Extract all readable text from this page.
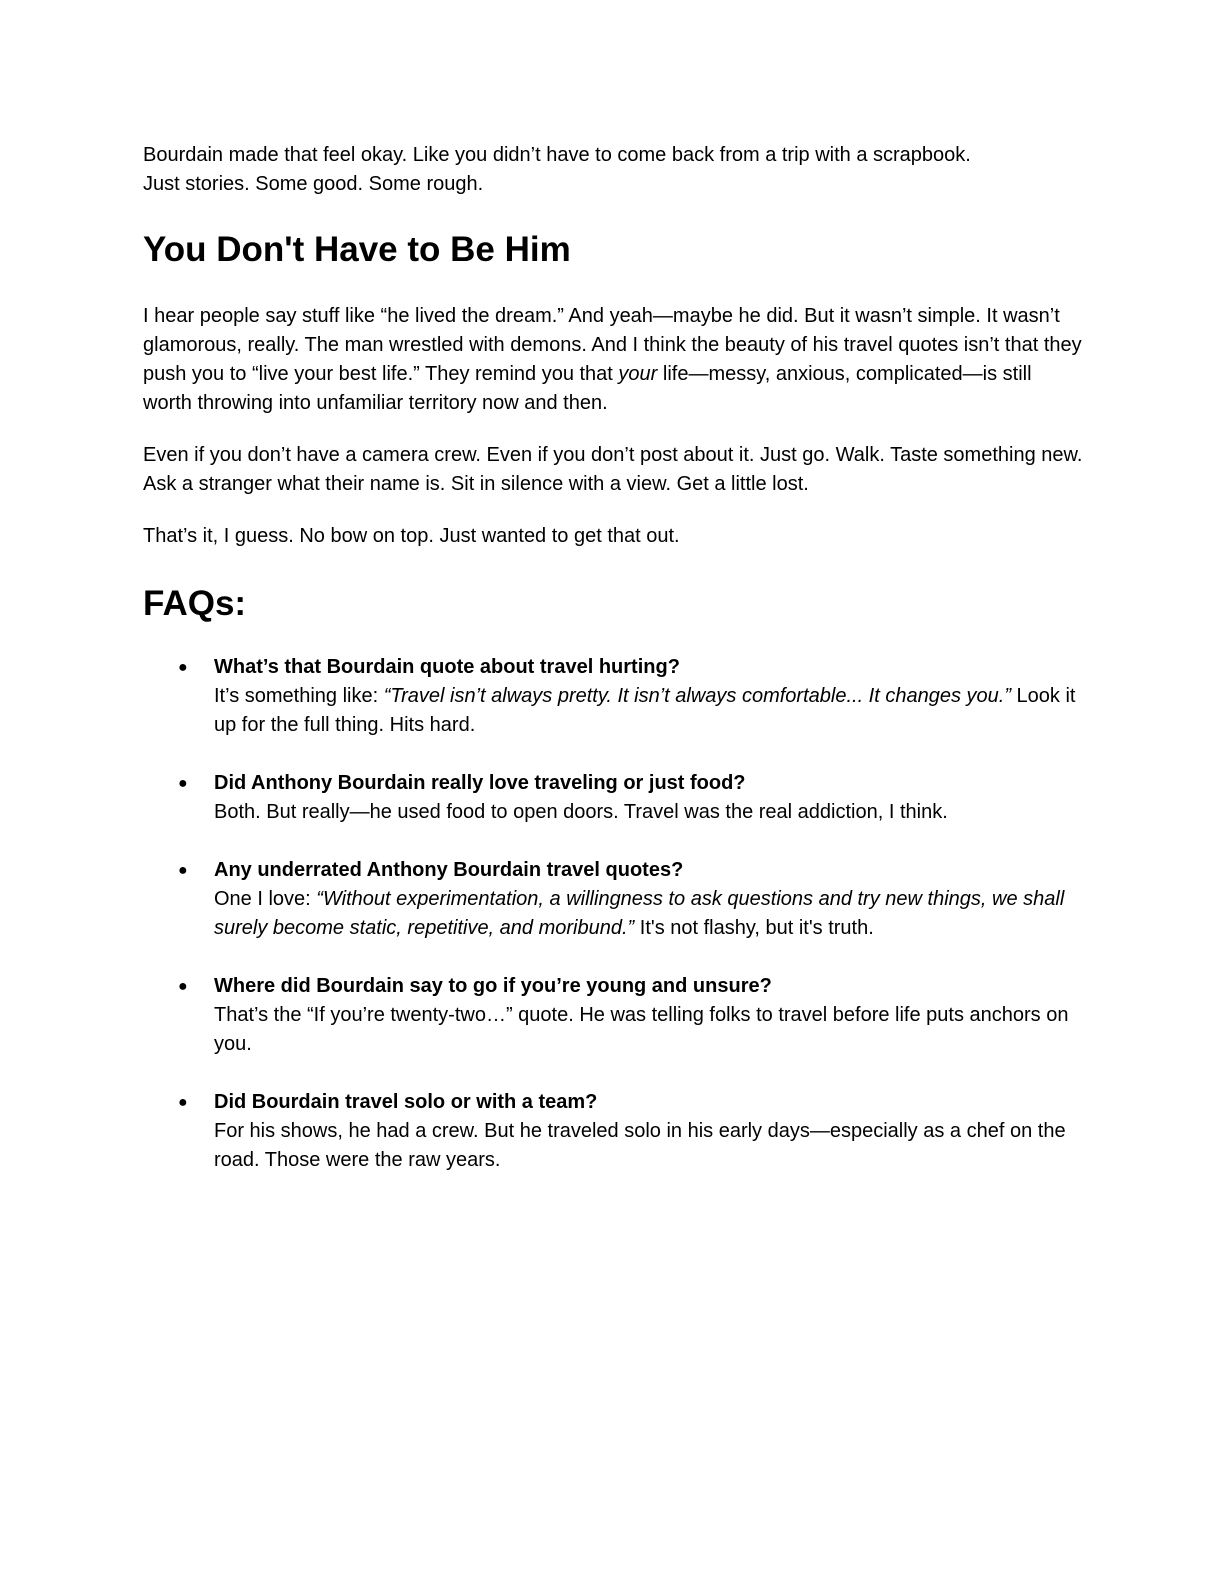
Bourdain made that feel okay. Like you didn’t have to come back from a trip with a scrapbook.
Just stories. Some good. Some rough.

You Don't Have to Be Him

I hear people say stuff like “he lived the dream.” And yeah—maybe he did. But it wasn’t simple. It wasn’t glamorous, really. The man wrestled with demons. And I think the beauty of his travel quotes isn’t that they push you to “live your best life.” They remind you that your life—messy, anxious, complicated—is still worth throwing into unfamiliar territory now and then.

Even if you don’t have a camera crew. Even if you don’t post about it. Just go. Walk. Taste something new. Ask a stranger what their name is. Sit in silence with a view. Get a little lost.

That’s it, I guess. No bow on top. Just wanted to get that out.

FAQs:
● What’s that Bourdain quote about travel hurting?
It’s something like: “Travel isn’t always pretty. It isn’t always comfortable... It changes you.” Look it up for the full thing. Hits hard.
● Did Anthony Bourdain really love traveling or just food?
Both. But really—he used food to open doors. Travel was the real addiction, I think.
● Any underrated Anthony Bourdain travel quotes?
One I love: “Without experimentation, a willingness to ask questions and try new things, we shall surely become static, repetitive, and moribund.” It's not flashy, but it's truth.
● Where did Bourdain say to go if you’re young and unsure?
That’s the “If you’re twenty-two…” quote. He was telling folks to travel before life puts anchors on you.
● Did Bourdain travel solo or with a team?
For his shows, he had a crew. But he traveled solo in his early days—especially as a chef on the road. Those were the raw years.
